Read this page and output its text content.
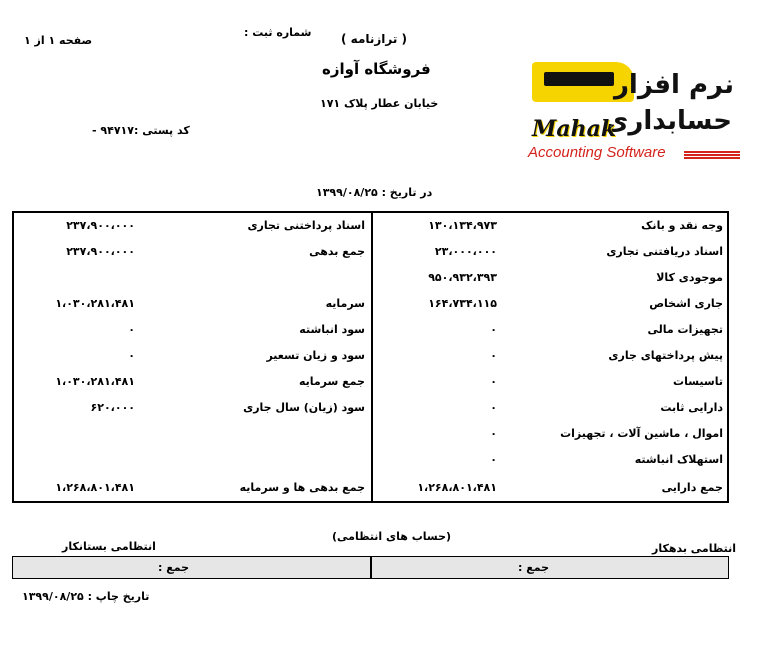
صفحه ۱ از ۱
شماره ثبت : ( ترازنامه )
فروشگاه آوازه
خیابان عطار پلاک ۱۷۱
کد پستی :۹۴۷۱۷ -
در تاریخ : ۱۳۹۹/۰۸/۲۵
نرم افزار
حسابداری
Mahak
Accounting Software
وجه نقد و بانک
۱۳۰،۱۳۴،۹۷۳
اسناد دریافتنی تجاری
۲۳،۰۰۰،۰۰۰
موجودی کالا
۹۵۰،۹۳۲،۳۹۳
جاری اشخاص
۱۶۴،۷۳۴،۱۱۵
تجهیزات مالی
۰
پیش پرداختهای جاری
۰
تاسیسات
۰
دارایی ثابت
۰
اموال ، ماشین آلات ، تجهیزات
۰
استهلاک انباشته
۰
جمع دارایی
۱،۲۶۸،۸۰۱،۴۸۱
اسناد پرداختنی تجاری
۲۳۷،۹۰۰،۰۰۰
جمع بدهی
۲۳۷،۹۰۰،۰۰۰
سرمایه
۱،۰۳۰،۲۸۱،۴۸۱
سود انباشته
۰
سود و زیان تسعیر
۰
جمع سرمایه
۱،۰۳۰،۲۸۱،۴۸۱
سود (زیان) سال جاری
۶۲۰،۰۰۰
جمع بدهی ها و سرمایه
۱،۲۶۸،۸۰۱،۴۸۱
(حساب های انتظامی)
انتظامی بدهکار
انتظامی بستانکار
جمع :
جمع :
تاریخ چاپ : ۱۳۹۹/۰۸/۲۵
